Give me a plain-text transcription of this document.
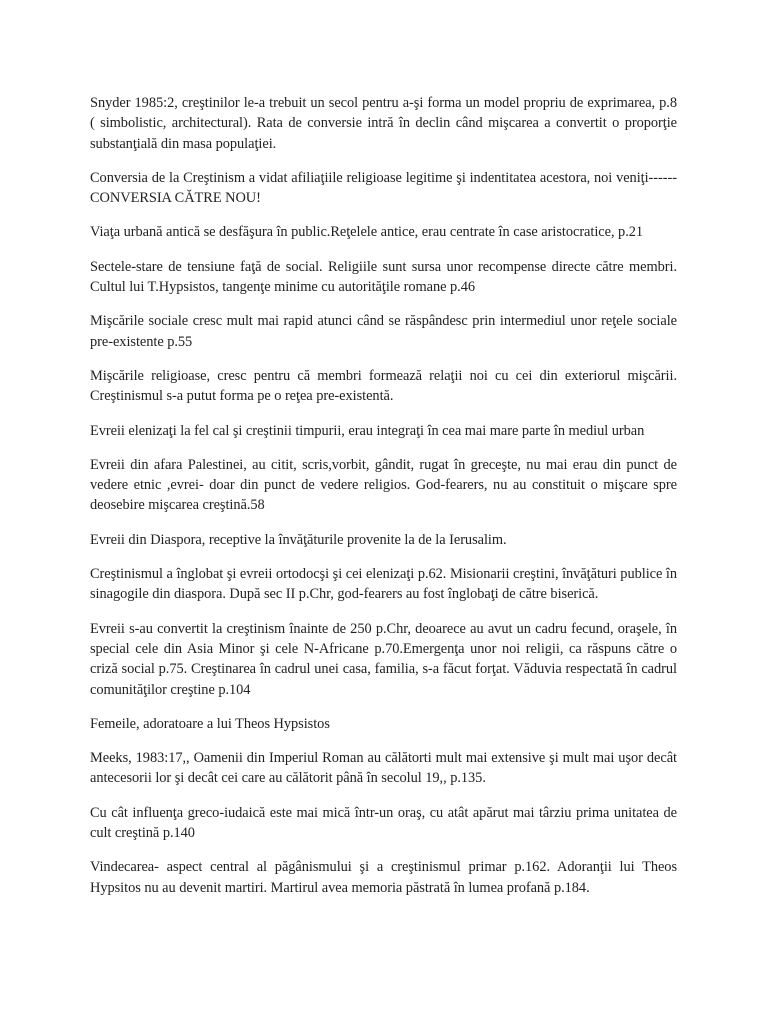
Snyder 1985:2, creştinilor le-a trebuit un secol pentru a-şi forma un model propriu de exprimarea, p.8 ( simbolistic, architectural). Rata de conversie intră în declin când mişcarea a convertit o proporţie substanţială din masa populaţiei.

Conversia de la Creştinism a vidat afiliaţiile religioase legitime şi indentitatea acestora, noi veniţi------CONVERSIA CĂTRE NOU!

Viaţa urbană antică se desfăşura în public.Reţelele antice, erau centrate în case aristocratice, p.21

Sectele-stare de tensiune faţă de social. Religiile sunt sursa unor recompense directe către membri. Cultul lui T.Hypsistos, tangenţe minime cu autorităţile romane p.46

Mişcările sociale cresc mult mai rapid atunci când se răspândesc prin intermediul unor reţele sociale pre-existente p.55

Mişcările religioase, cresc pentru că membri formează relaţii noi cu cei din exteriorul mişcării. Creştinismul s-a putut forma pe o reţea pre-existentă.

Evreii elenizaţi la fel cal şi creştinii timpurii, erau integraţi în cea mai mare parte în mediul urban

Evreii din afara Palestinei, au citit, scris,vorbit, gândit, rugat în greceşte, nu mai erau din punct de vedere etnic ,evrei- doar din punct de vedere religios. God-fearers, nu au constituit o mişcare spre deosebire mişcarea creştină.58

Evreii din Diaspora, receptive la învăţăturile provenite la de la Ierusalim.

Creştinismul a înglobat şi evreii ortodocşi şi cei elenizaţi p.62. Misionarii creştini, învăţături publice în sinagogile din diaspora. După sec II p.Chr, god-fearers au fost înglobaţi de către biserică.

Evreii s-au convertit la creştinism înainte de 250 p.Chr, deoarece au avut un cadru fecund, oraşele, în special cele din Asia Minor şi cele N-Africane p.70.Emergenţa unor noi religii, ca răspuns către o criză social p.75. Creştinarea în cadrul unei casa, familia, s-a făcut forţat. Văduvia respectată în cadrul comunităţilor creştine p.104

Femeile, adoratoare a lui Theos Hypsistos

Meeks, 1983:17,, Oamenii din Imperiul Roman au călătorti mult mai extensive şi mult mai uşor decât antecesorii lor şi decât cei care au călătorit până în secolul 19,, p.135.

Cu cât influenţa greco-iudaică este mai mică într-un oraş, cu atât apărut mai târziu prima unitatea de cult creştină p.140

Vindecarea- aspect central al păgânismului şi a creştinismul primar p.162. Adoranţii lui Theos Hypsitos nu au devenit martiri. Martirul avea memoria păstrată în lumea profană p.184.
